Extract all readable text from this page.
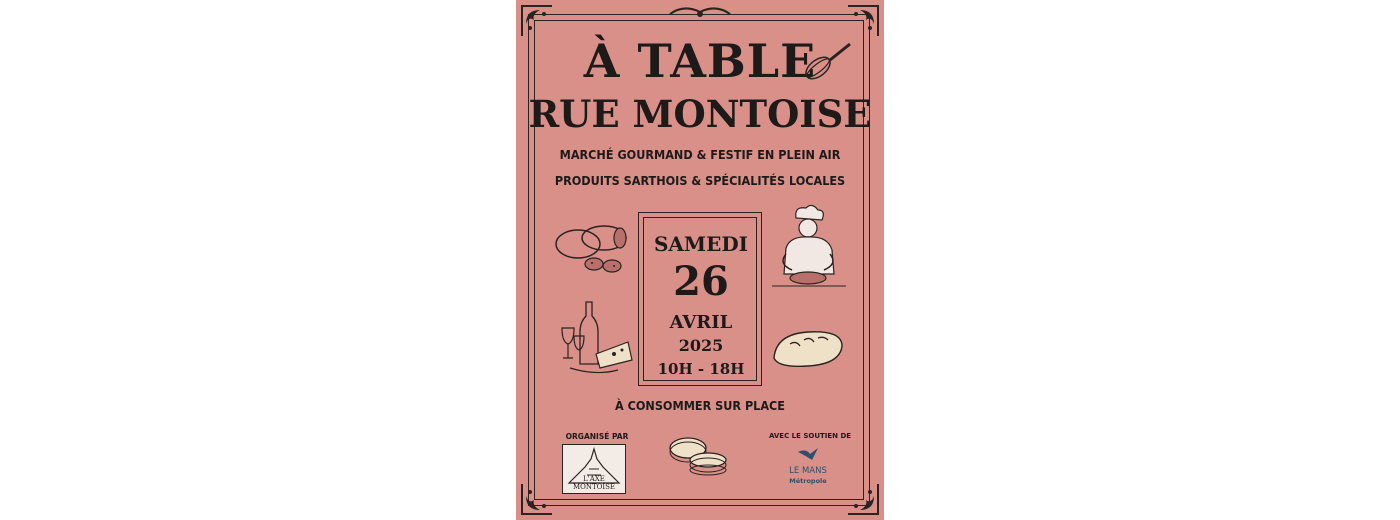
À TABLE
RUE MONTOISE
MARCHÉ GOURMAND & FESTIF EN PLEIN AIR
PRODUITS SARTHOIS & SPÉCIALITÉS LOCALES
SAMEDI
26
AVRIL
2025
10H - 18H
À CONSOMMER SUR PLACE
ORGANISÉ PAR
L'AXE MONTOISE
AVEC LE SOUTIEN DE
LE MANS
Métropole
